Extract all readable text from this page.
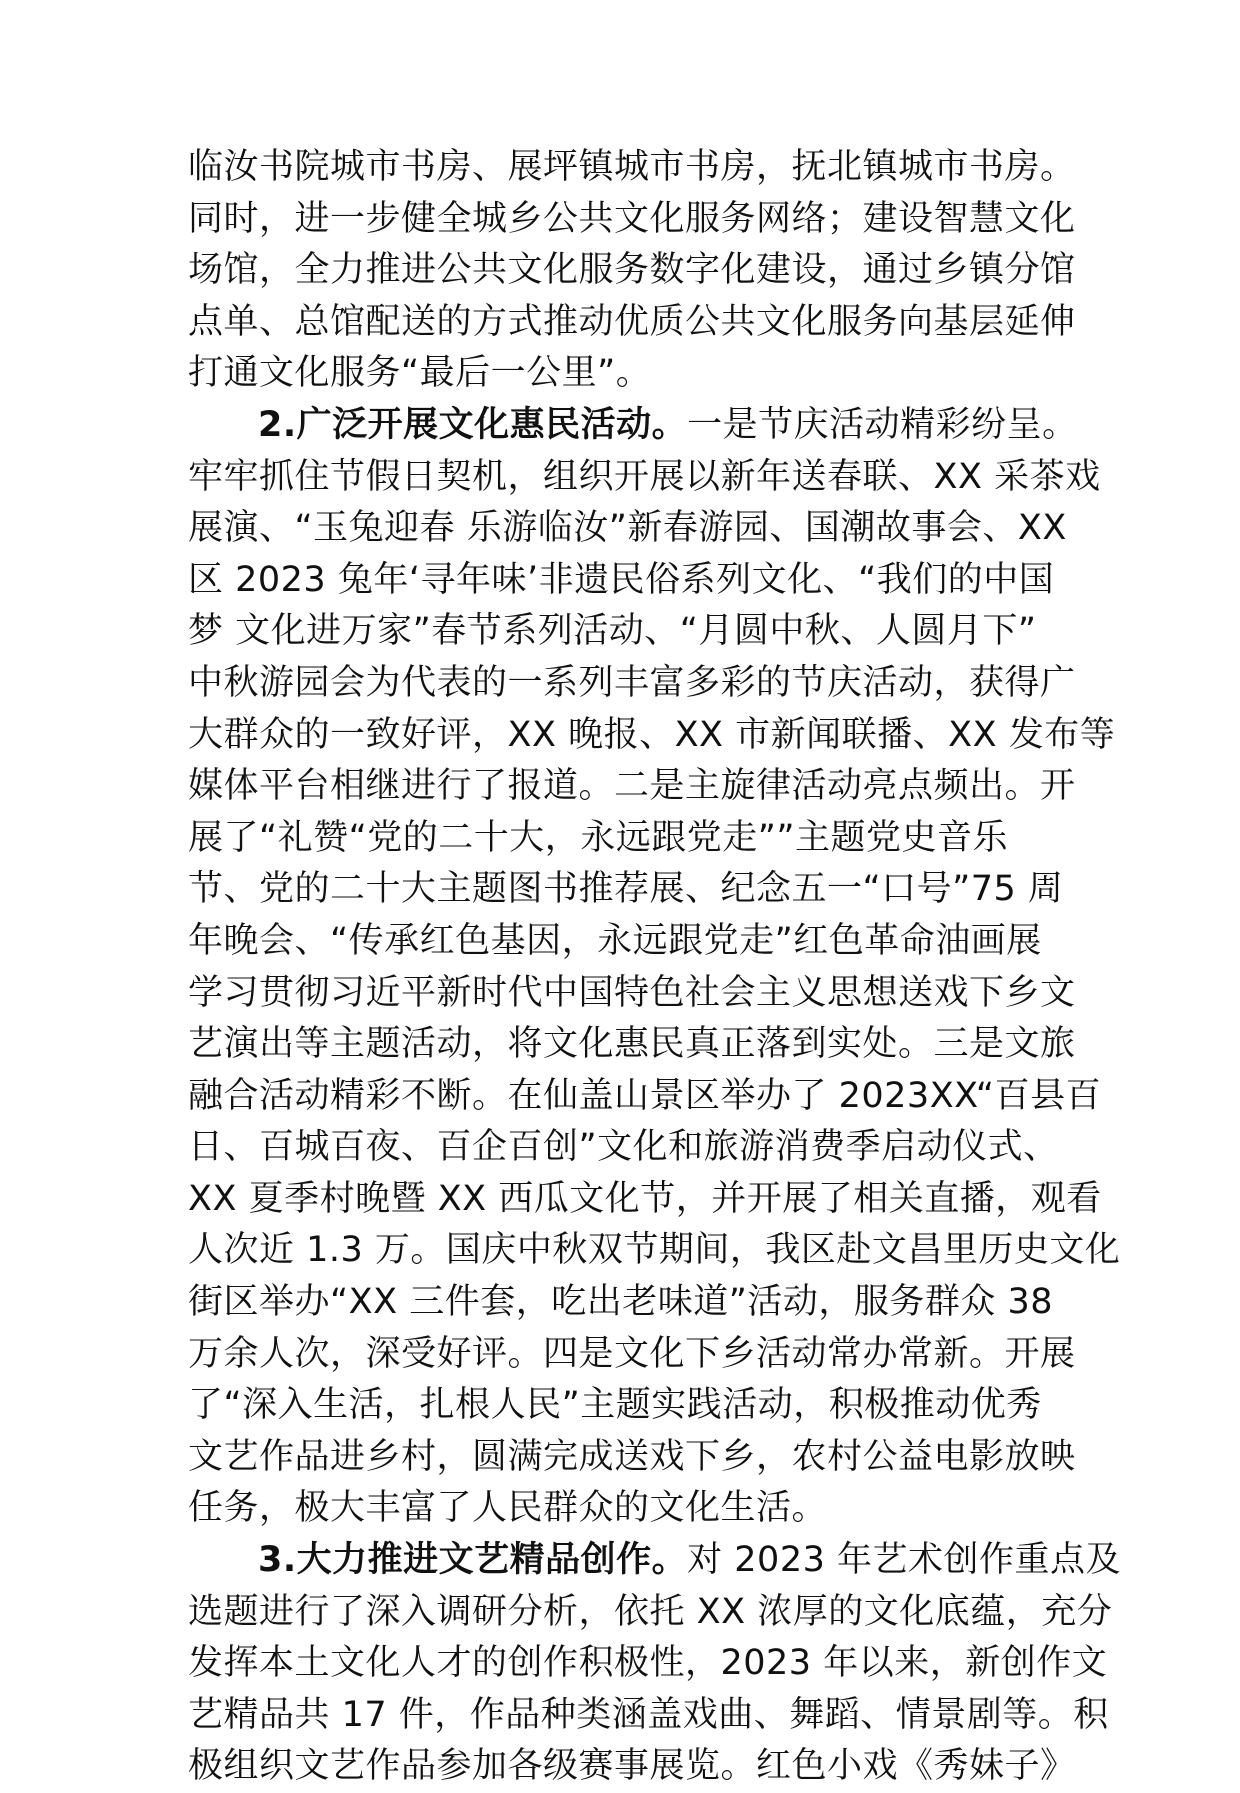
临汝书院城市书房、展坪镇城市书房，抚北镇城市书房。
同时，进一步健全城乡公共文化服务网络；建设智慧文化
场馆，全力推进公共文化服务数字化建设，通过乡镇分馆
点单、总馆配送的方式推动优质公共文化服务向基层延伸
打通文化服务“最后一公里”。
2.广泛开展文化惠民活动。一是节庆活动精彩纷呈。
牢牢抓住节假日契机，组织开展以新年送春联、XX 采茶戏
展演、“玉兔迎春 乐游临汝”新春游园、国潮故事会、XX
区 2023 兔年‘寻年味’非遗民俗系列文化、“我们的中国
梦 文化进万家”春节系列活动、“月圆中秋、人圆月下”
中秋游园会为代表的一系列丰富多彩的节庆活动，获得广
大群众的一致好评，XX 晚报、XX 市新闻联播、XX 发布等
媒体平台相继进行了报道。二是主旋律活动亮点频出。开
展了“礼赞“党的二十大，永远跟党走””主题党史音乐
节、党的二十大主题图书推荐展、纪念五一“口号”75 周
年晚会、“传承红色基因，永远跟党走”红色革命油画展
学习贯彻习近平新时代中国特色社会主义思想送戏下乡文
艺演出等主题活动，将文化惠民真正落到实处。三是文旅
融合活动精彩不断。在仙盖山景区举办了 2023XX“百县百
日、百城百夜、百企百创”文化和旅游消费季启动仪式、
XX 夏季村晚暨 XX 西瓜文化节，并开展了相关直播，观看
人次近 1.3 万。国庆中秋双节期间，我区赴文昌里历史文化
街区举办“XX 三件套，吃出老味道”活动，服务群众 38
万余人次，深受好评。四是文化下乡活动常办常新。开展
了“深入生活，扎根人民”主题实践活动，积极推动优秀
文艺作品进乡村，圆满完成送戏下乡，农村公益电影放映
任务，极大丰富了人民群众的文化生活。
3.大力推进文艺精品创作。对 2023 年艺术创作重点及
选题进行了深入调研分析，依托 XX 浓厚的文化底蕴，充分
发挥本土文化人才的创作积极性，2023 年以来，新创作文
艺精品共 17 件，作品种类涵盖戏曲、舞蹈、情景剧等。积
极组织文艺作品参加各级赛事展览。红色小戏《秀妹子》
